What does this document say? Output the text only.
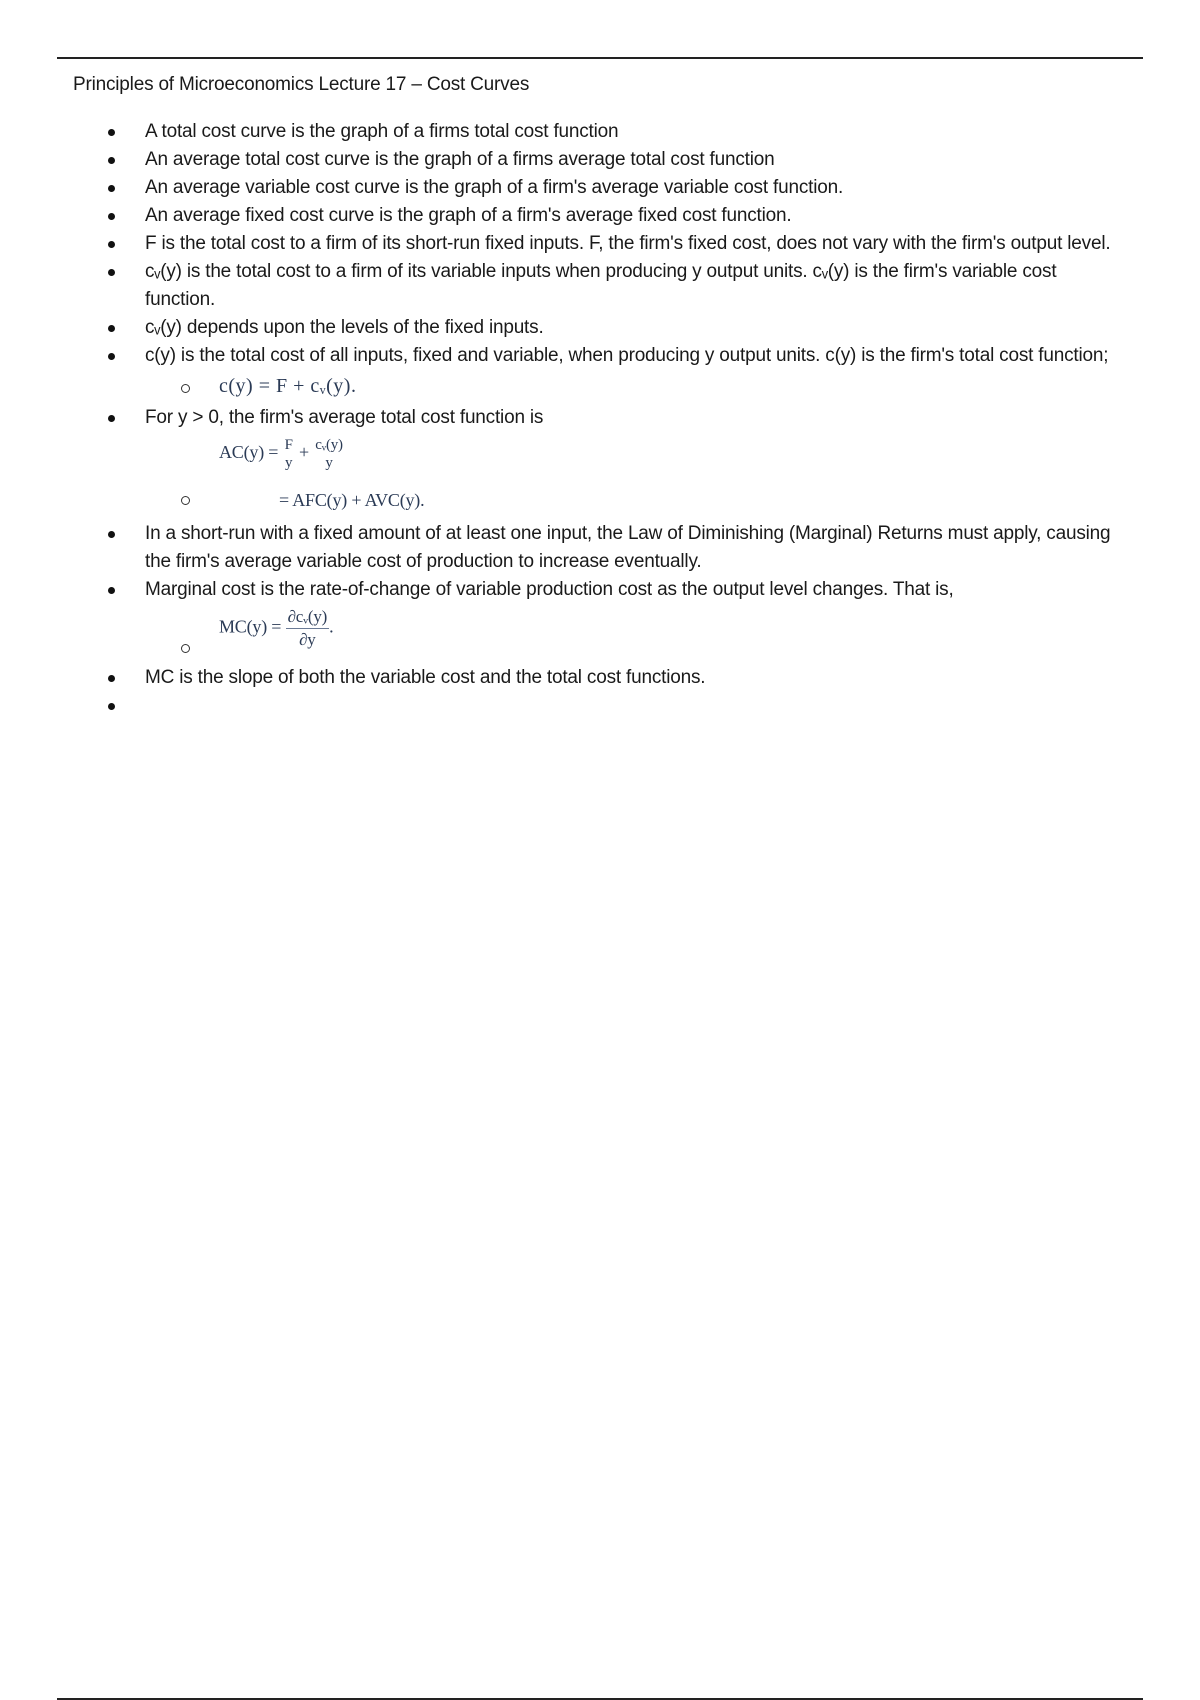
Principles of Microeconomics Lecture 17 – Cost Curves
A total cost curve is the graph of a firms total cost function
An average total cost curve is the graph of a firms average total cost function
An average variable cost curve is the graph of a firm's average variable cost function.
An average fixed cost curve is the graph of a firm's average fixed cost function.
F is the total cost to a firm of its short-run fixed inputs. F, the firm's fixed cost, does not vary with the firm's output level.
cᵥ(y) is the total cost to a firm of its variable inputs when producing y output units. cᵥ(y) is the firm's variable cost function.
cᵥ(y) depends upon the levels of the fixed inputs.
c(y) is the total cost of all inputs, fixed and variable, when producing y output units. c(y) is the firm's total cost function;
c(y) = F + cᵥ(y).
For y > 0, the firm's average total cost function is
AC(y) = F
y
+ cᵥ(y)
y
= AFC(y) + AVC(y).
In a short-run with a fixed amount of at least one input, the Law of Diminishing (Marginal) Returns must apply, causing the firm's average variable cost of production to increase eventually.
Marginal cost is the rate-of-change of variable production cost as the output level changes. That is,
$MC(y) = \frac{\text{∂cᵥ(y)}}{\partial y}$ .
MC is the slope of both the variable cost and the total cost functions.
